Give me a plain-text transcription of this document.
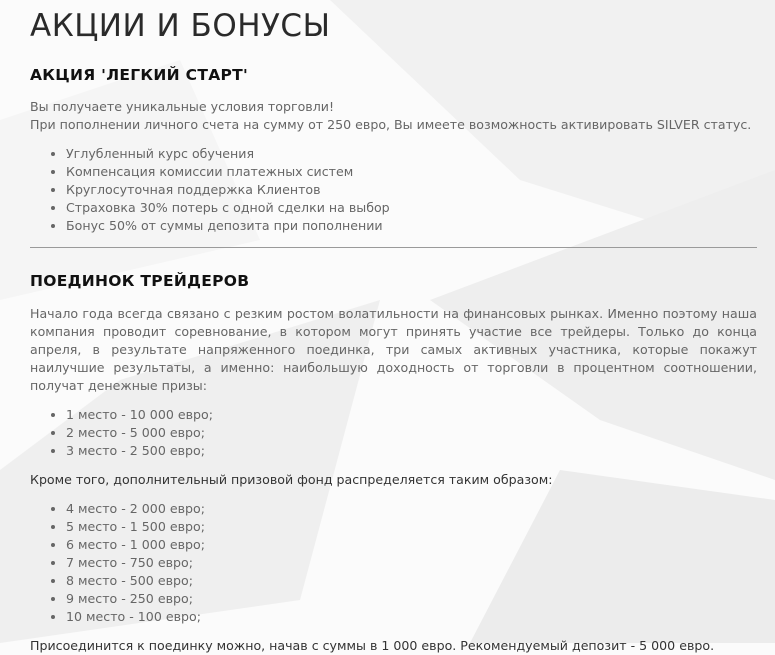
АКЦИИ И БОНУСЫ
АКЦИЯ 'ЛЕГКИЙ СТАРТ'

Вы получаете уникальные условия торговли!
При пополнении личного счета на сумму от 250 евро, Вы имеете возможность активировать SILVER статус.

• Углубленный курс обучения
• Компенсация комиссии платежных систем
• Круглосуточная поддержка Клиентов
• Страховка 30% потерь с одной сделки на выбор
• Бонус 50% от суммы депозита при пополнении
ПОЕДИНОК ТРЕЙДЕРОВ

Начало года всегда связано с резким ростом волатильности на финансовых рынках. Именно поэтому наша компания проводит соревнование, в котором могут принять участие все трейдеры. Только до конца апреля, в результате напряженного поединка, три самых активных участника, которые покажут наилучшие результаты, а именно: наибольшую доходность от торговли в процентном соотношении, получат денежные призы:

• 1 место - 10 000 евро;
• 2 место - 5 000 евро;
• 3 место - 2 500 евро;

Кроме того, дополнительный призовой фонд распределяется таким образом:

• 4 место - 2 000 евро;
• 5 место - 1 500 евро;
• 6 место - 1 000 евро;
• 7 место - 750 евро;
• 8 место - 500 евро;
• 9 место - 250 евро;
• 10 место - 100 евро;

Присоединится к поединку можно, начав с суммы в 1 000 евро. Рекомендуемый депозит - 5 000 евро.
